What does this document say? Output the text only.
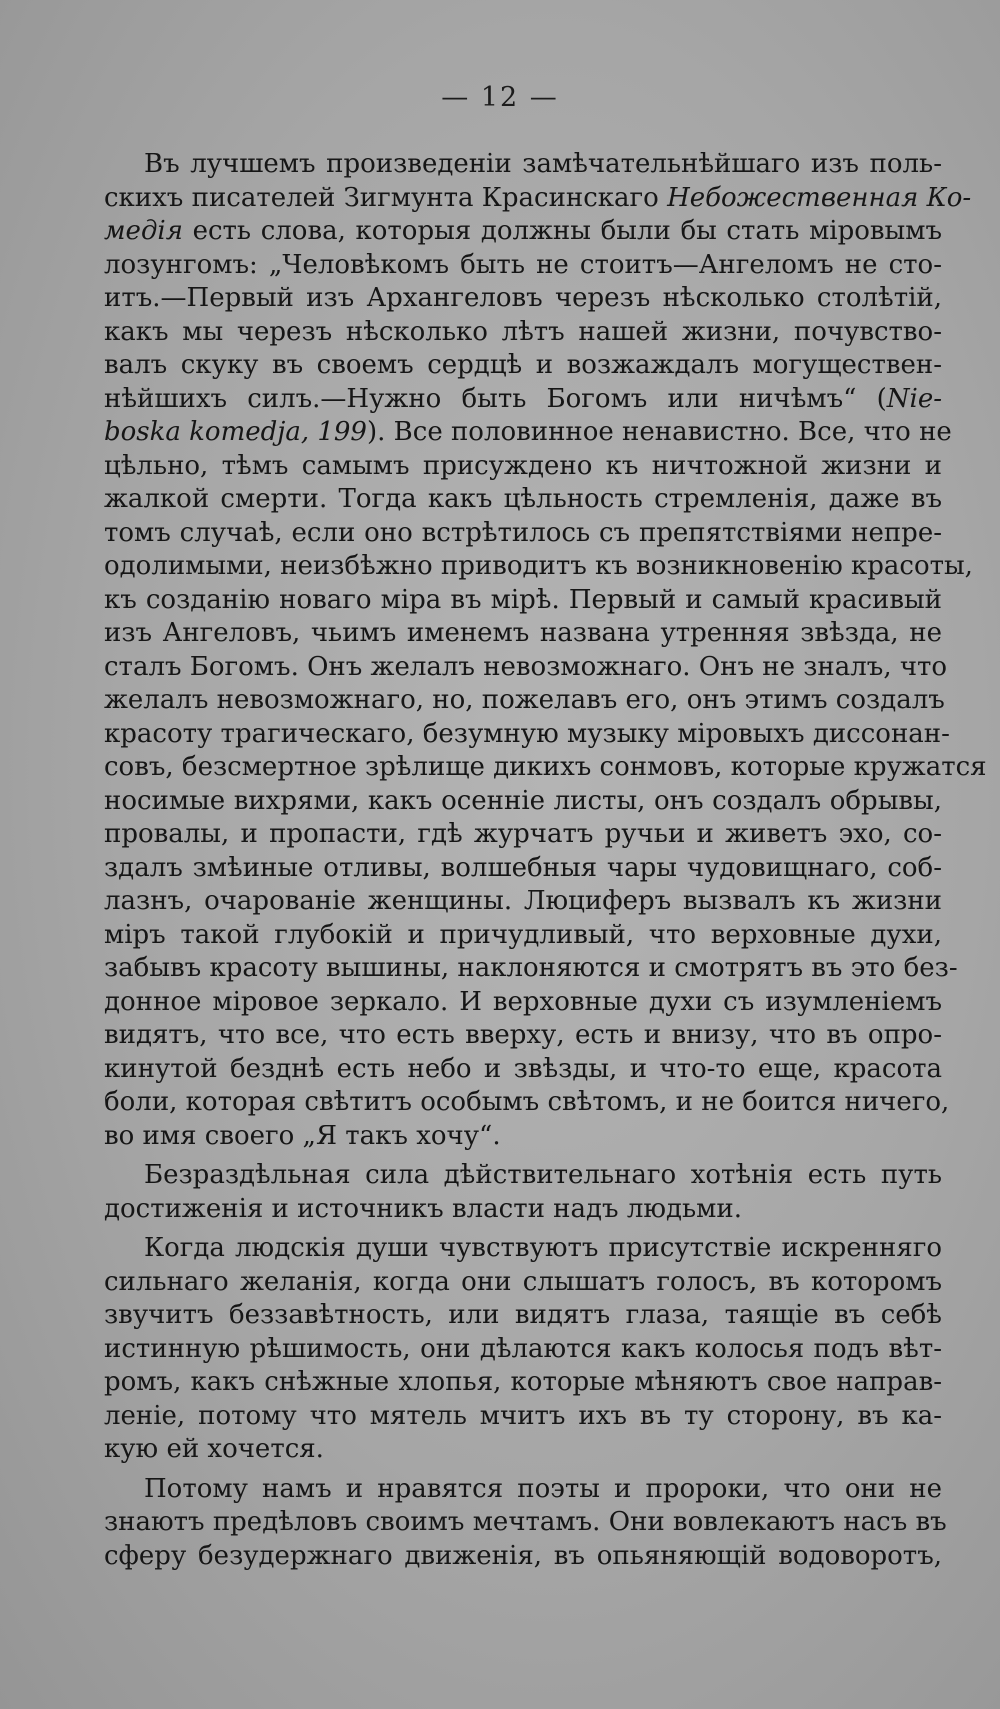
— 12 —
Въ лучшемъ произведенiи замѣчательнѣйшаго изъ поль-
скихъ писателей Зигмунта Красинскаго Небожественная Ко-
медія есть слова, которыя должны были бы стать мiровымъ
лозунгомъ: „Человѣкомъ быть не стоитъ—Ангеломъ не сто-
итъ.—Первый изъ Архангеловъ черезъ нѣсколько столѣтiй,
какъ мы черезъ нѣсколько лѣтъ нашей жизни, почувство-
валъ скуку въ своемъ сердцѣ и возжаждалъ могуществен-
нѣйшихъ силъ.—Нужно быть Богомъ или ничѣмъ“ (Nie-
boska komedja, 199). Все половинное ненавистно. Все, что не
цѣльно, тѣмъ самымъ присуждено къ ничтожной жизни и
жалкой смерти. Тогда какъ цѣльность стремленiя, даже въ
томъ случаѣ, если оно встрѣтилось съ препятствiями непре-
одолимыми, неизбѣжно приводитъ къ возникновенiю красоты,
къ созданiю новаго мiра въ мiрѣ. Первый и самый красивый
изъ Ангеловъ, чьимъ именемъ названа утренняя звѣзда, не
сталъ Богомъ. Онъ желалъ невозможнаго. Онъ не зналъ, что
желалъ невозможнаго, но, пожелавъ его, онъ этимъ создалъ
красоту трагическаго, безумную музыку мiровыхъ диссонан-
совъ, безсмертное зрѣлище дикихъ сонмовъ, которые кружатся
носимые вихрями, какъ осеннiе листы, онъ создалъ обрывы,
провалы, и пропасти, гдѣ журчатъ ручьи и живетъ эхо, со-
здалъ змѣиные отливы, волшебныя чары чудовищнаго, соб-
лазнъ, очарованiе женщины. Люциферъ вызвалъ къ жизни
мiръ такой глубокiй и причудливый, что верховные духи,
забывъ красоту вышины, наклоняются и смотрятъ въ это без-
донное мiровое зеркало. И верховные духи съ изумленiемъ
видятъ, что все, что есть вверху, есть и внизу, что въ опро-
кинутой безднѣ есть небо и звѣзды, и что-то еще, красота
боли, которая свѣтитъ особымъ свѣтомъ, и не боится ничего,
во имя своего „Я такъ хочу“.
Безраздѣльная сила дѣйствительнаго хотѣнiя есть путь
достиженiя и источникъ власти надъ людьми.
Когда людскiя души чувствуютъ присутствiе искренняго
сильнаго желанiя, когда они слышатъ голосъ, въ которомъ
звучитъ беззавѣтность, или видятъ глаза, таящiе въ себѣ
истинную рѣшимость, они дѣлаются какъ колосья подъ вѣт-
ромъ, какъ снѣжные хлопья, которые мѣняютъ свое направ-
ленiе, потому что мятель мчитъ ихъ въ ту сторону, въ ка-
кую ей хочется.
Потому намъ и нравятся поэты и пророки, что они не
знаютъ предѣловъ своимъ мечтамъ. Они вовлекаютъ насъ въ
сферу безудержнаго движенiя, въ опьяняющiй водоворотъ,
